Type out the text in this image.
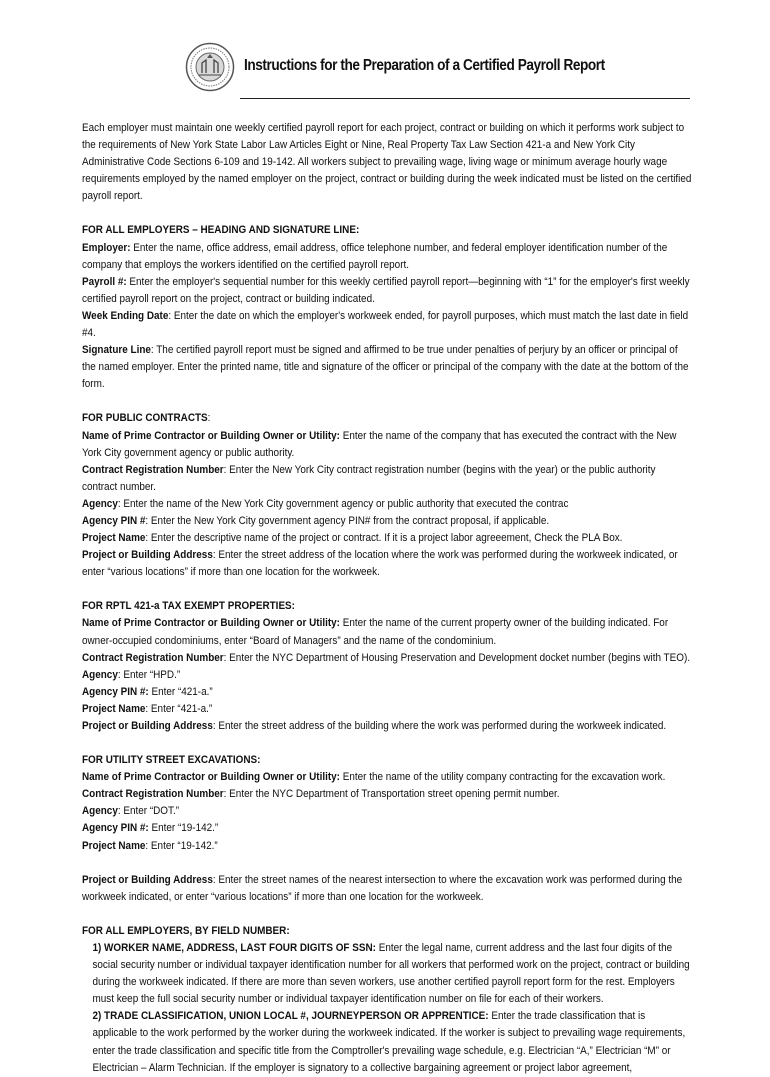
Instructions for the Preparation of a Certified Payroll Report

Each employer must maintain one weekly certified payroll report for each project, contract or building on which it performs work subject to the requirements of New York State Labor Law Articles Eight or Nine, Real Property Tax Law Section 421-a and New York City Administrative Code Sections 6-109 and 19-142. All workers subject to prevailing wage, living wage or minimum average hourly wage requirements employed by the named employer on the project, contract or building during the week indicated must be listed on the certified payroll report.

FOR ALL EMPLOYERS – HEADING AND SIGNATURE LINE:

Employer: Enter the name, office address, email address, office telephone number, and federal employer identification number of the company that employs the workers identified on the certified payroll report.

Payroll #: Enter the employer's sequential number for this weekly certified payroll report—beginning with “1” for the employer's first weekly certified payroll report on the project, contract or building indicated.

Week Ending Date: Enter the date on which the employer's workweek ended, for payroll purposes, which must match the last date in field #4.

Signature Line: The certified payroll report must be signed and affirmed to be true under penalties of perjury by an officer or principal of the named employer. Enter the printed name, title and signature of the officer or principal of the company with the date at the bottom of the form.

FOR PUBLIC CONTRACTS:

Name of Prime Contractor or Building Owner or Utility: Enter the name of the company that has executed the contract with the New York City government agency or public authority.

Contract Registration Number: Enter the New York City contract registration number (begins with the year) or the public authority contract number.

Agency: Enter the name of the New York City government agency or public authority that executed the contrac

Agency PIN #: Enter the New York City government agency PIN# from the contract proposal, if applicable.

Project Name: Enter the descriptive name of the project or contract. If it is a project labor agreeement, Check the PLA Box.

Project or Building Address: Enter the street address of the location where the work was performed during the workweek indicated, or enter “various locations” if more than one location for the workweek.

FOR RPTL 421-a TAX EXEMPT PROPERTIES:

Name of Prime Contractor or Building Owner or Utility: Enter the name of the current property owner of the building indicated. For owner-occupied condominiums, enter “Board of Managers” and the name of the condominium.

Contract Registration Number: Enter the NYC Department of Housing Preservation and Development docket number (begins with TEO).

Agency: Enter “HPD.”

Agency PIN #: Enter “421-a.”

Project Name: Enter “421-a.”

Project or Building Address: Enter the street address of the building where the work was performed during the workweek indicated.

FOR UTILITY STREET EXCAVATIONS:

Name of Prime Contractor or Building Owner or Utility: Enter the name of the utility company contracting for the excavation work.

Contract Registration Number: Enter the NYC Department of Transportation street opening permit number.

Agency: Enter “DOT.”

Agency PIN #: Enter “19-142.”

Project Name: Enter “19-142.”

Project or Building Address: Enter the street names of the nearest intersection to where the excavation work was performed during the workweek indicated, or enter “various locations” if more than one location for the workweek.

FOR ALL EMPLOYERS, BY FIELD NUMBER:

1) WORKER NAME, ADDRESS, LAST FOUR DIGITS OF SSN: Enter the legal name, current address and the last four digits of the social security number or individual taxpayer identification number for all workers that performed work on the project, contract or building during the workweek indicated. If there are more than seven workers, use another certified payroll report form for the rest. Employers must keep the full social security number or individual taxpayer identification number on file for each of their workers.

2) TRADE CLASSIFICATION, UNION LOCAL #, JOURNEYPERSON OR APPRENTICE: Enter the trade classification that is applicable to the work performed by the worker during the workweek indicated. If the worker is subject to prevailing wage requirements, enter the trade classification and specific title from the Comptroller's prevailing wage schedule, e.g. Electrician “A,” Electrician “M” or Electrician – Alarm Technician. If the employer is signatory to a collective bargaining agreement or project labor agreement,
